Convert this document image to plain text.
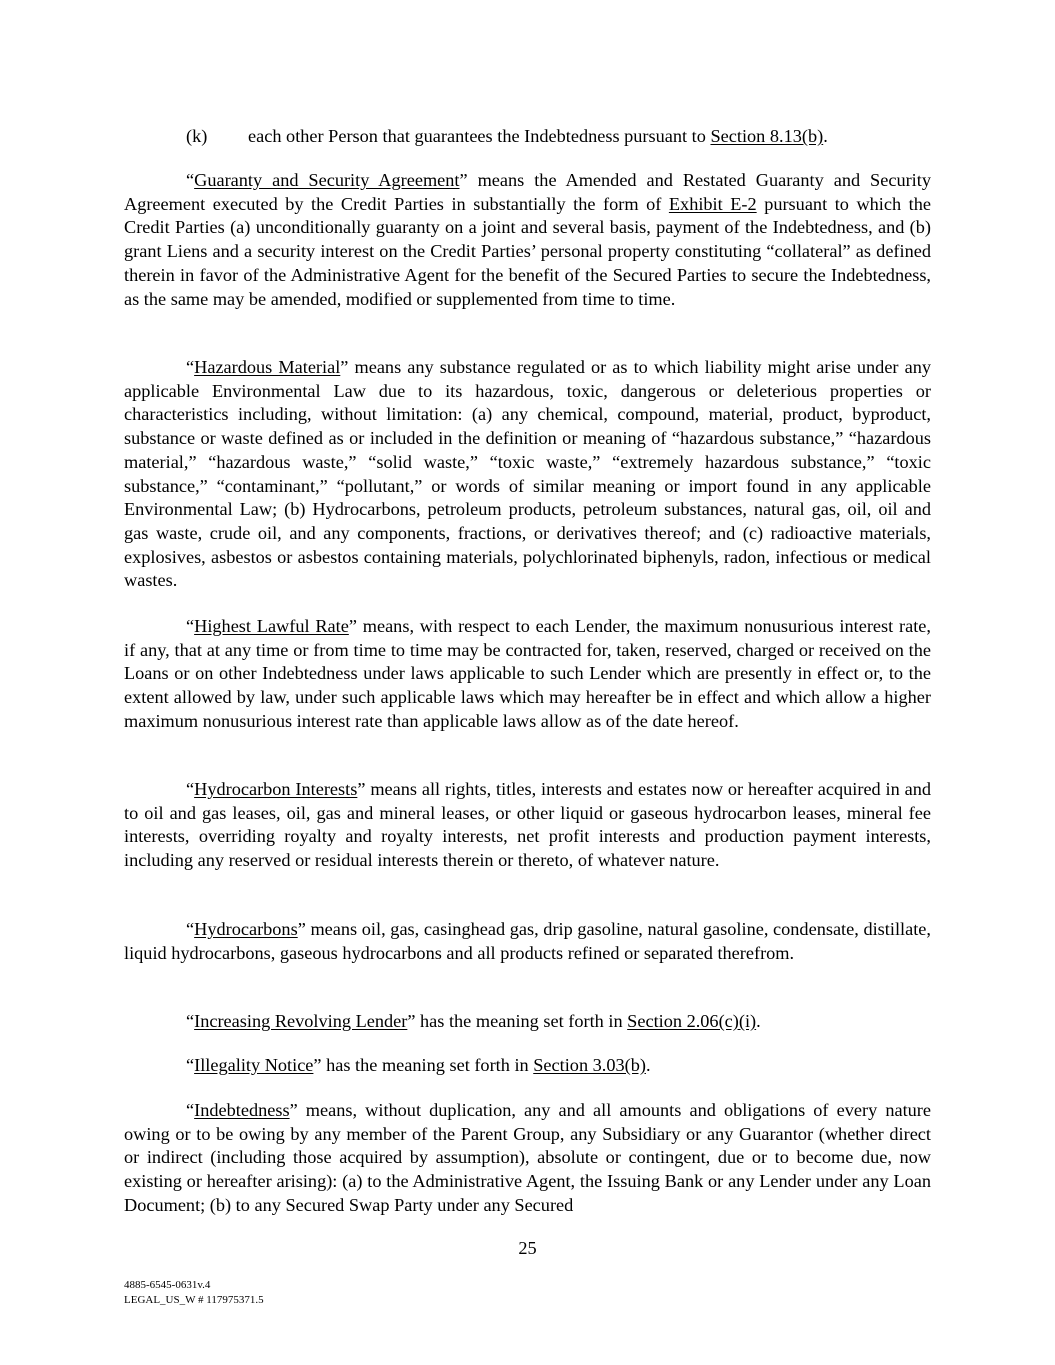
(k) each other Person that guarantees the Indebtedness pursuant to Section 8.13(b).

“Guaranty and Security Agreement” means the Amended and Restated Guaranty and Security Agreement executed by the Credit Parties in substantially the form of Exhibit E-2 pursuant to which the Credit Parties (a) unconditionally guaranty on a joint and several basis, payment of the Indebtedness, and (b) grant Liens and a security interest on the Credit Parties’ personal property constituting “collateral” as defined therein in favor of the Administrative Agent for the benefit of the Secured Parties to secure the Indebtedness, as the same may be amended, modified or supplemented from time to time.

“Hazardous Material” means any substance regulated or as to which liability might arise under any applicable Environmental Law due to its hazardous, toxic, dangerous or deleterious properties or characteristics including, without limitation: (a) any chemical, compound, material, product, byproduct, substance or waste defined as or included in the definition or meaning of “hazardous substance,” “hazardous material,” “hazardous waste,” “solid waste,” “toxic waste,” “extremely hazardous substance,” “toxic substance,” “contaminant,” “pollutant,” or words of similar meaning or import found in any applicable Environmental Law; (b) Hydrocarbons, petroleum products, petroleum substances, natural gas, oil, oil and gas waste, crude oil, and any components, fractions, or derivatives thereof; and (c) radioactive materials, explosives, asbestos or asbestos containing materials, polychlorinated biphenyls, radon, infectious or medical wastes.

“Highest Lawful Rate” means, with respect to each Lender, the maximum nonusurious interest rate, if any, that at any time or from time to time may be contracted for, taken, reserved, charged or received on the Loans or on other Indebtedness under laws applicable to such Lender which are presently in effect or, to the extent allowed by law, under such applicable laws which may hereafter be in effect and which allow a higher maximum nonusurious interest rate than applicable laws allow as of the date hereof.

“Hydrocarbon Interests” means all rights, titles, interests and estates now or hereafter acquired in and to oil and gas leases, oil, gas and mineral leases, or other liquid or gaseous hydrocarbon leases, mineral fee interests, overriding royalty and royalty interests, net profit interests and production payment interests, including any reserved or residual interests therein or thereto, of whatever nature.

“Hydrocarbons” means oil, gas, casinghead gas, drip gasoline, natural gasoline, condensate, distillate, liquid hydrocarbons, gaseous hydrocarbons and all products refined or separated therefrom.

“Increasing Revolving Lender” has the meaning set forth in Section 2.06(c)(i).

“Illegality Notice” has the meaning set forth in Section 3.03(b).

“Indebtedness” means, without duplication, any and all amounts and obligations of every nature owing or to be owing by any member of the Parent Group, any Subsidiary or any Guarantor (whether direct or indirect (including those acquired by assumption), absolute or contingent, due or to become due, now existing or hereafter arising): (a) to the Administrative Agent, the Issuing Bank or any Lender under any Loan Document; (b) to any Secured Swap Party under any Secured

25
4885-6545-0631v.4
LEGAL_US_W # 117975371.5
